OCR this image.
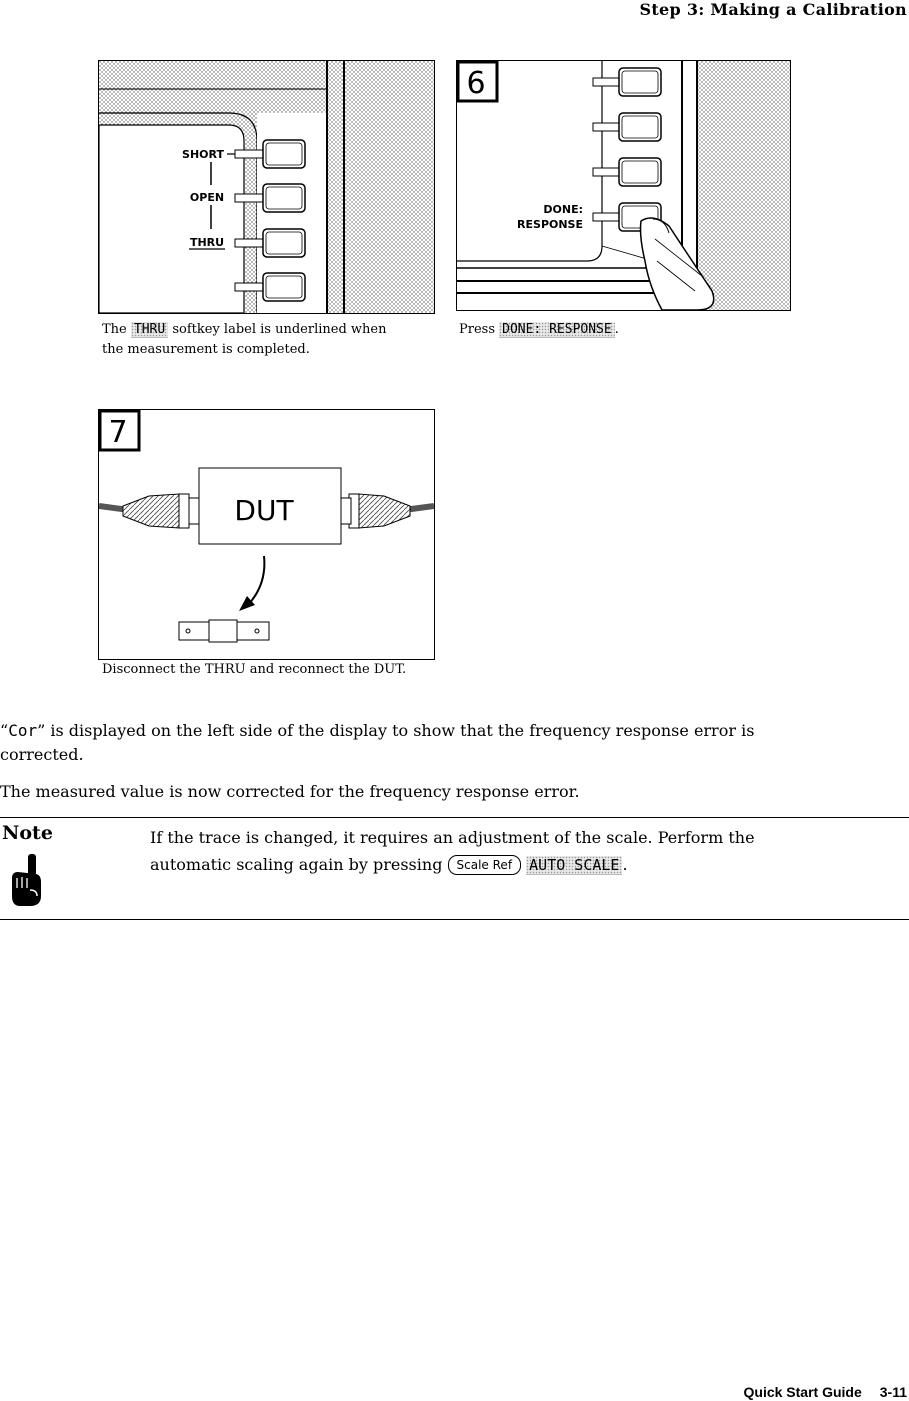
Step 3: Making a Calibration
SHORT
OPEN
THRU
The THRU softkey label is underlined when
the measurement is completed.
DONE:
RESPONSE
6
Press DONE: RESPONSE .
DUT
7
Disconnect the THRU and reconnect the DUT.
“Cor” is displayed on the left side of the display to show that the frequency response error is
corrected.
The measured value is now corrected for the frequency response error.
Note	If the trace is changed, it requires an adjustment of the scale. Perform the
automatic scaling again by pressing Scale Ref AUTO SCALE .
Quick Start Guide 3-11
